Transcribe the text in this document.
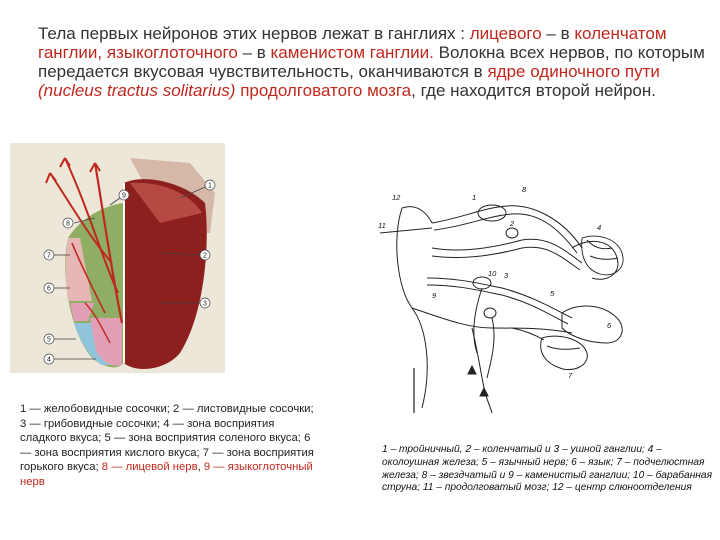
Тела первых нейронов этих нервов лежат в ганглиях : лицевого – в коленчатом ганглии, языкоглоточного – в каменистом ганглии. Волокна всех нервов, по которым передается вкусовая чувствительность, оканчиваются в ядре одиночного пути (nucleus tractus solitarius) продолговатого мозга, где находится второй нейрон.
1
2
3
4
5
6
7
8
9
1 — желобовидные сосочки; 2 — листовидные сосочки; 3 — грибовидные сосочки; 4 — зона восприятия сладкого вкуса; 5 — зона восприятия соленого вкуса; 6 — зона восприятия кислого вкуса; 7 — зона восприятия горького вкуса; 8 — лицевой нерв, 9 — языкоглоточный нерв
1
2
3
4
5
6
7
8
9
10
11
12
1 – тройничный, 2 – коленчатый и 3 – ушной ганглии; 4 – околоушная железа; 5 – язычный нерв; 6 – язык; 7 – подчелюстная железа; 8 – звездчатый и 9 – каменистый ганглии; 10 – барабанная струна; 11 – продолговатый мозг; 12 – центр слюноотделения
